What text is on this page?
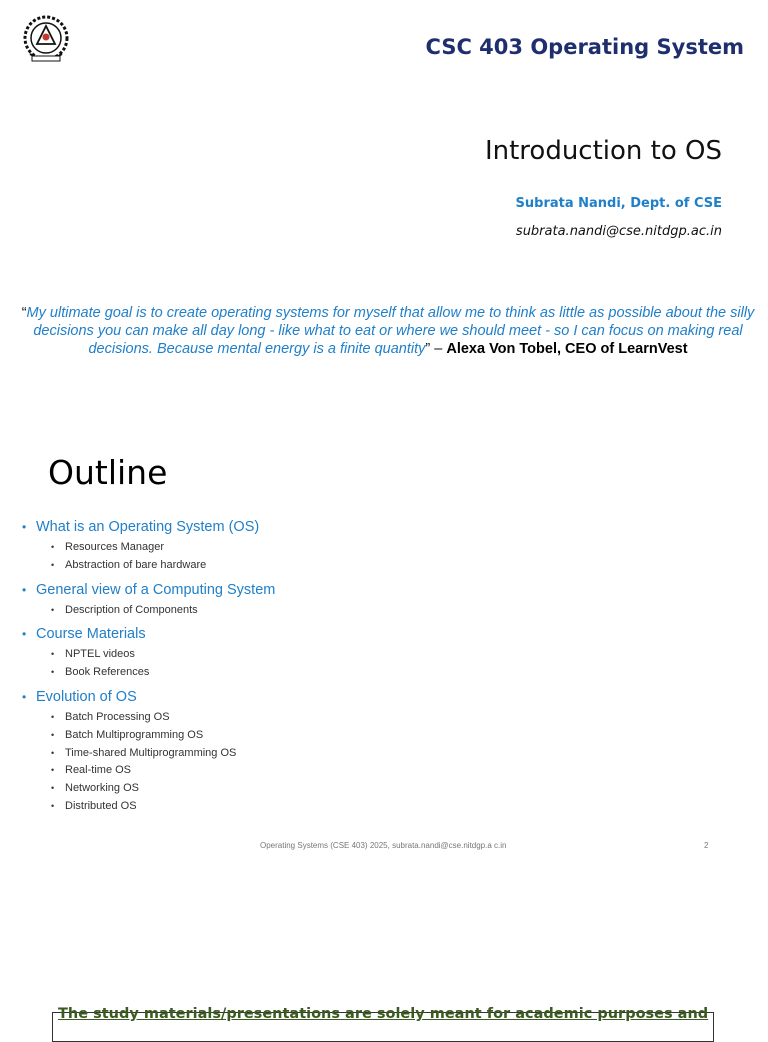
CSC 403 Operating System
Introduction to OS
Subrata Nandi, Dept. of CSE
subrata.nandi@cse.nitdgp.ac.in
“My ultimate goal is to create operating systems for myself that allow me to think as little as possible about the silly decisions you can make all day long - like what to eat or where we should meet - so I can focus on making real decisions. Because mental energy is a finite quantity” – Alexa Von Tobel, CEO of LearnVest
Outline
• What is an Operating System (OS)
• Resources Manager
• Abstraction of bare hardware
• General view of a Computing System
• Description of Components
• Course Materials
• NPTEL videos
• Book References
• Evolution of OS
• Batch Processing OS
• Batch Multiprogramming OS
• Time-shared Multiprogramming OS
• Real-time OS
• Networking OS
• Distributed OS
Operating Systems (CSE 403) 2025, subrata.nandi@cse.nitdgp.a c.in	2
The study materials/presentations are solely meant for academic purposes and
